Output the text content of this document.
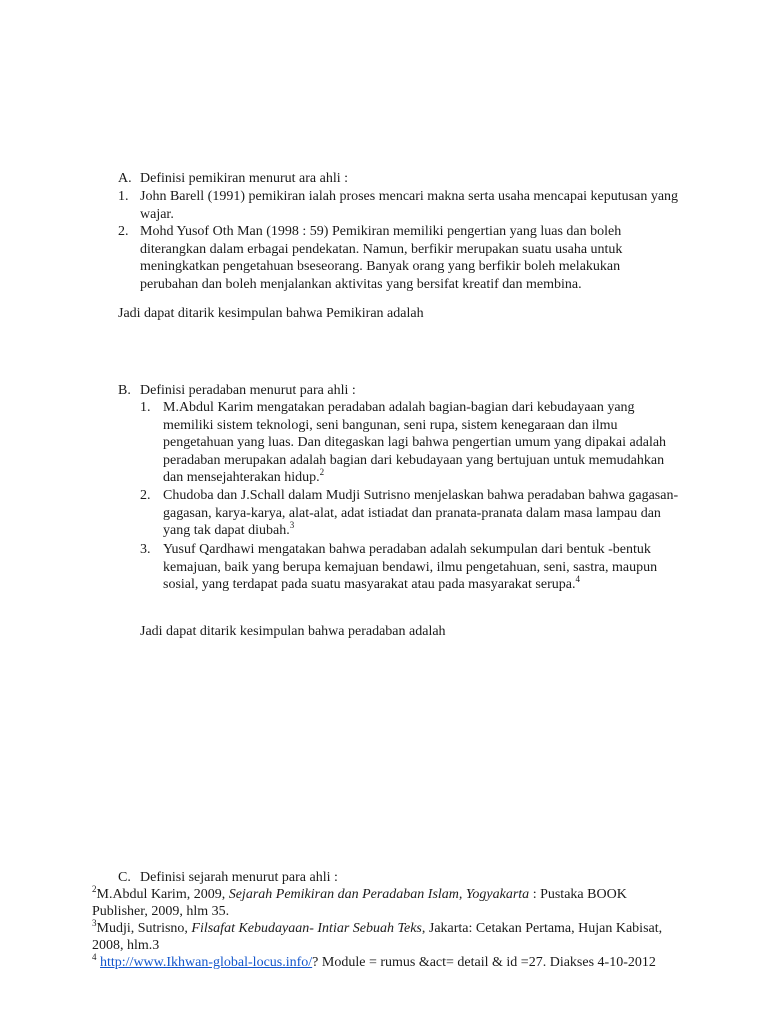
A. Definisi pemikiran menurut ara ahli :
1. John Barell (1991) pemikiran ialah proses mencari makna serta usaha mencapai keputusan yang wajar.
2. Mohd Yusof Oth Man (1998 : 59) Pemikiran memiliki pengertian yang luas dan boleh diterangkan dalam erbagai pendekatan. Namun, berfikir merupakan suatu usaha untuk meningkatkan pengetahuan bseseorang. Banyak orang yang berfikir boleh melakukan perubahan dan boleh menjalankan aktivitas yang bersifat kreatif dan membina.
Jadi dapat ditarik kesimpulan bahwa Pemikiran adalah
B. Definisi peradaban menurut para ahli :
1. M.Abdul Karim mengatakan peradaban adalah bagian-bagian dari kebudayaan yang memiliki sistem teknologi, seni bangunan, seni rupa, sistem kenegaraan dan ilmu pengetahuan yang luas. Dan ditegaskan lagi bahwa pengertian umum yang dipakai adalah peradaban merupakan adalah bagian dari kebudayaan yang bertujuan untuk memudahkan dan mensejahterakan hidup.$^2$
2. Chudoba dan J.Schall dalam Mudji Sutrisno menjelaskan bahwa peradaban bahwa gagasan-gagasan, karya-karya, alat-alat, adat istiadat dan pranata-pranata dalam masa lampau dan yang tak dapat diubah.$^3$
3. Yusuf Qardhawi mengatakan bahwa peradaban adalah sekumpulan dari bentuk -bentuk kemajuan, baik yang berupa kemajuan bendawi, ilmu pengetahuan, seni, sastra, maupun sosial, yang terdapat pada suatu masyarakat atau pada masyarakat serupa.$^4$
Jadi dapat ditarik kesimpulan bahwa peradaban adalah
C. Definisi sejarah menurut para ahli :

$^2$M.Abdul Karim, 2009, Sejarah Pemikiran dan Peradaban Islam, Yogyakarta : Pustaka BOOK Publisher, 2009, hlm 35.

$^3$Mudji, Sutrisno, Filsafat Kebudayaan- Intiar Sebuah Teks, Jakarta: Cetakan Pertama, Hujan Kabisat, 2008, hlm.3

$^4$ http://www.Ikhwan-global-locus.info/? Module = rumus &act= detail & id =27. Diakses 4-10-2012
